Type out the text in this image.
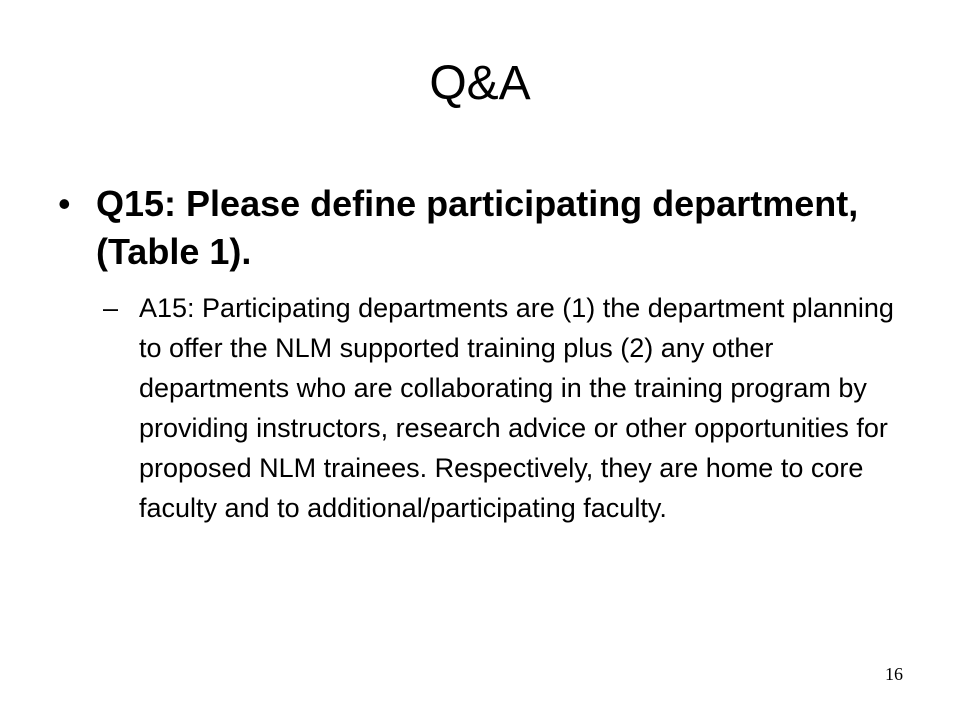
Q&A
• Q15: Please define participating department, (Table 1).
– A15: Participating departments are (1) the department planning to offer the NLM supported training plus (2) any other departments who are collaborating in the training program by providing instructors, research advice or other opportunities for proposed NLM trainees. Respectively, they are home to core faculty and to additional/participating faculty.
16
